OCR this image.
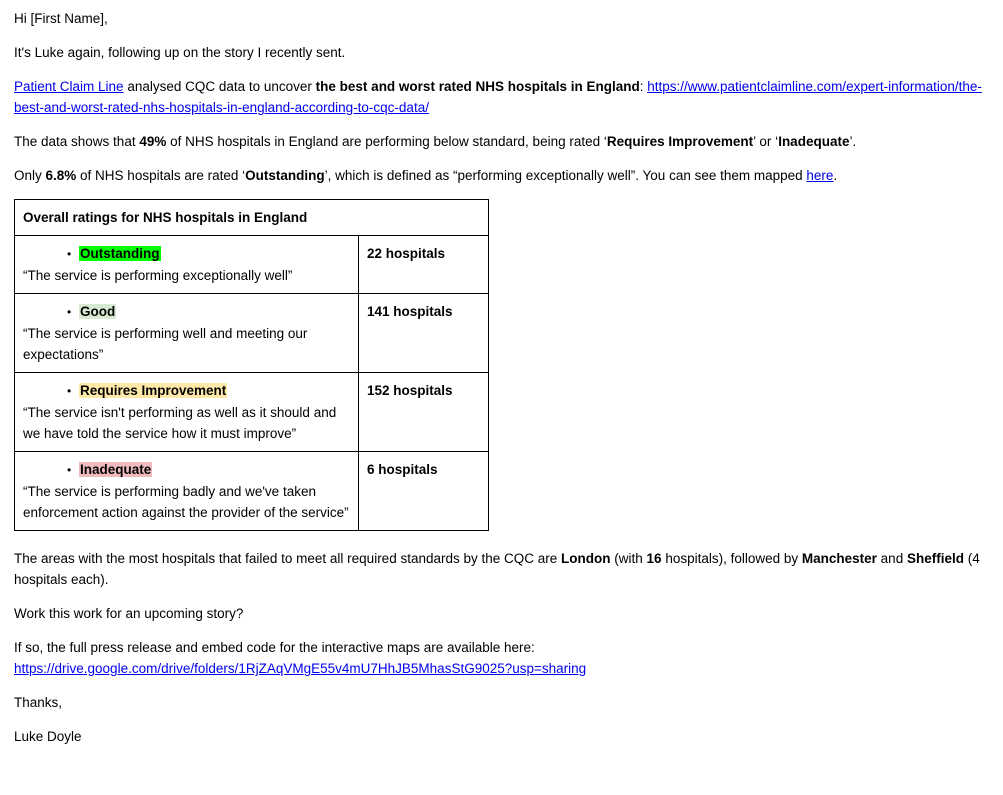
Hi [First Name],

It's Luke again, following up on the story I recently sent.

Patient Claim Line analysed CQC data to uncover the best and worst rated NHS hospitals in England: https://www.patientclaimline.com/expert-information/the-best-and-worst-rated-nhs-hospitals-in-england-according-to-cqc-data/

The data shows that 49% of NHS hospitals in England are performing below standard, being rated ‘Requires Improvement’ or ‘Inadequate’.

Only 6.8% of NHS hospitals are rated ‘Outstanding’, which is defined as “performing exceptionally well”. You can see them mapped here.

Overall ratings for NHS hospitals in England	

• Outstanding
“The service is performing exceptionally well”	22 hospitals

• Good
“The service is performing well and meeting our expectations”	141 hospitals

• Requires Improvement
“The service isn't performing as well as it should and we have told the service how it must improve”	152 hospitals

• Inadequate
“The service is performing badly and we've taken enforcement action against the provider of the service”	6 hospitals

The areas with the most hospitals that failed to meet all required standards by the CQC are London (with 16 hospitals), followed by Manchester and Sheffield (4 hospitals each).

Work this work for an upcoming story?

If so, the full press release and embed code for the interactive maps are available here: https://drive.google.com/drive/folders/1RjZAqVMgE55v4mU7HhJB5MhasStG9025?usp=sharing

Thanks,

Luke Doyle
